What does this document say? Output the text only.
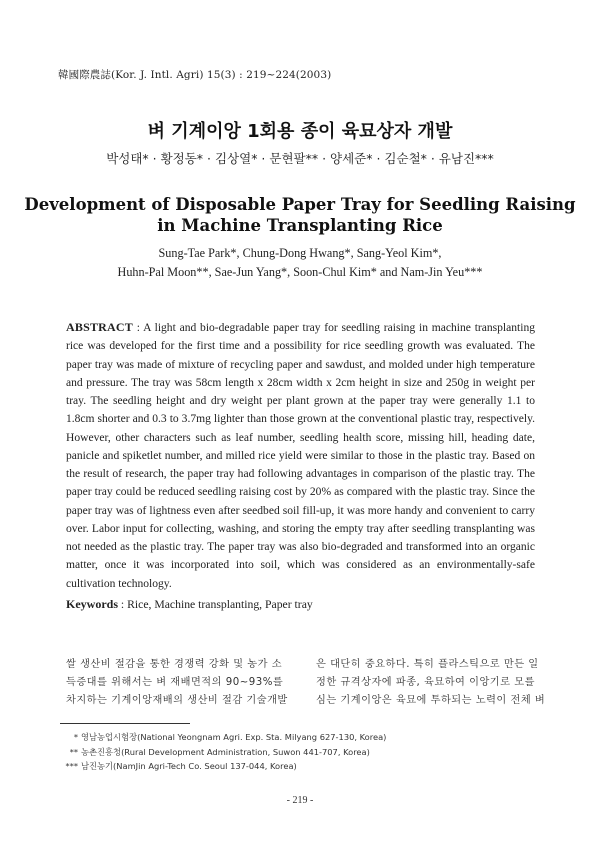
韓國際農誌(Kor. J. Intl. Agri) 15(3) : 219~224(2003)
벼 기계이앙 1회용 종이 육묘상자 개발
박성태* · 황정동* · 김상열* · 문현팔** · 양세준* · 김순철* · 유남진***
Development of Disposable Paper Tray for Seedling Raising
in Machine Transplanting Rice
Sung-Tae Park*, Chung-Dong Hwang*, Sang-Yeol Kim*,
Huhn-Pal Moon**, Sae-Jun Yang*, Soon-Chul Kim* and Nam-Jin Yeu***
ABSTRACT : A light and bio-degradable paper tray for seedling raising in machine transplanting rice was developed for the first time and a possibility for rice seedling growth was evaluated. The paper tray was made of mixture of recycling paper and sawdust, and molded under high temperature and pressure. The tray was 58cm length x 28cm width x 2cm height in size and 250g in weight per tray. The seedling height and dry weight per plant grown at the paper tray were generally 1.1 to 1.8cm shorter and 0.3 to 3.7mg lighter than those grown at the conventional plastic tray, respectively. However, other characters such as leaf number, seedling health score, missing hill, heading date, panicle and spiketlet number, and milled rice yield were similar to those in the plastic tray. Based on the result of research, the paper tray had following advantages in comparison of the plastic tray. The paper tray could be reduced seedling raising cost by 20% as compared with the plastic tray. Since the paper tray was of lightness even after seedbed soil fill-up, it was more handy and convenient to carry over. Labor input for collecting, washing, and storing the empty tray after seedling transplanting was not needed as the plastic tray. The paper tray was also bio-degraded and transformed into an organic matter, once it was incorporated into soil, which was considered as an environmentally-safe cultivation technology.
Keywords : Rice, Machine transplanting, Paper tray
쌀 생산비 절감을 통한 경쟁력 강화 및 농가 소
득증대를 위해서는 벼 재배면적의 90~93%를
차지하는 기계이앙재배의 생산비 절감 기술개발
은 대단히 중요하다. 특히 플라스틱으로 만든 일
정한 규격상자에 파종, 육묘하여 이앙기로 모를
심는 기계이앙은 육묘에 투하되는 노력이 전체 벼
* 영남농업시험장(National Yeongnam Agri. Exp. Sta. Milyang 627-130, Korea)
** 농촌진흥청(Rural Development Administration, Suwon 441-707, Korea)
*** 남진농기(NamJin Agri-Tech Co. Seoul 137-044, Korea)
- 219 -
